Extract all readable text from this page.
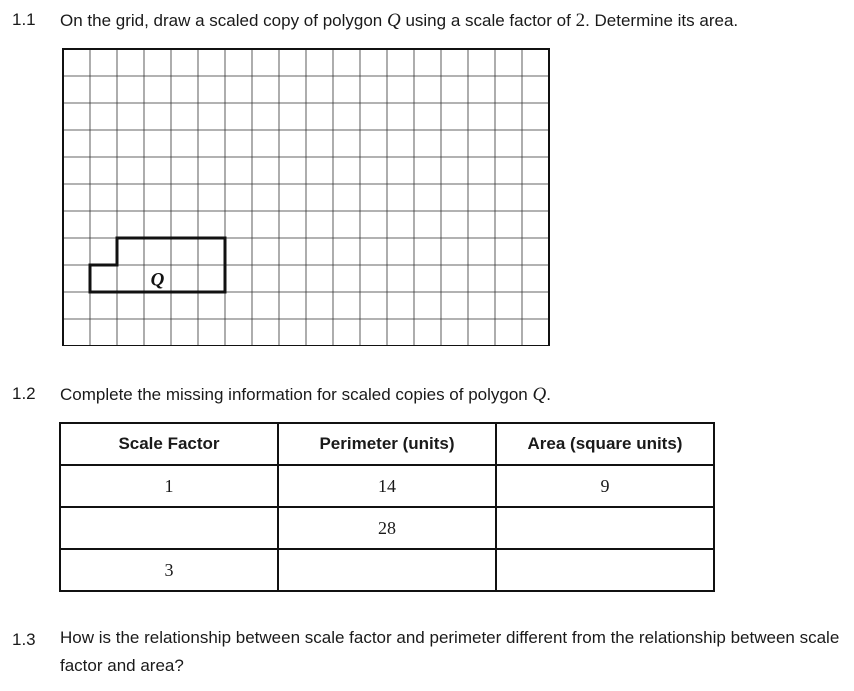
1.1 On the grid, draw a scaled copy of polygon Q using a scale factor of 2. Determine its area.
Q
1.2 Complete the missing information for scaled copies of polygon Q.
Scale Factor	Perimeter (units)	Area (square units)
1	14	9
	28	
3		
1.3 How is the relationship between scale factor and perimeter different from the relationship between scale factor and area?
